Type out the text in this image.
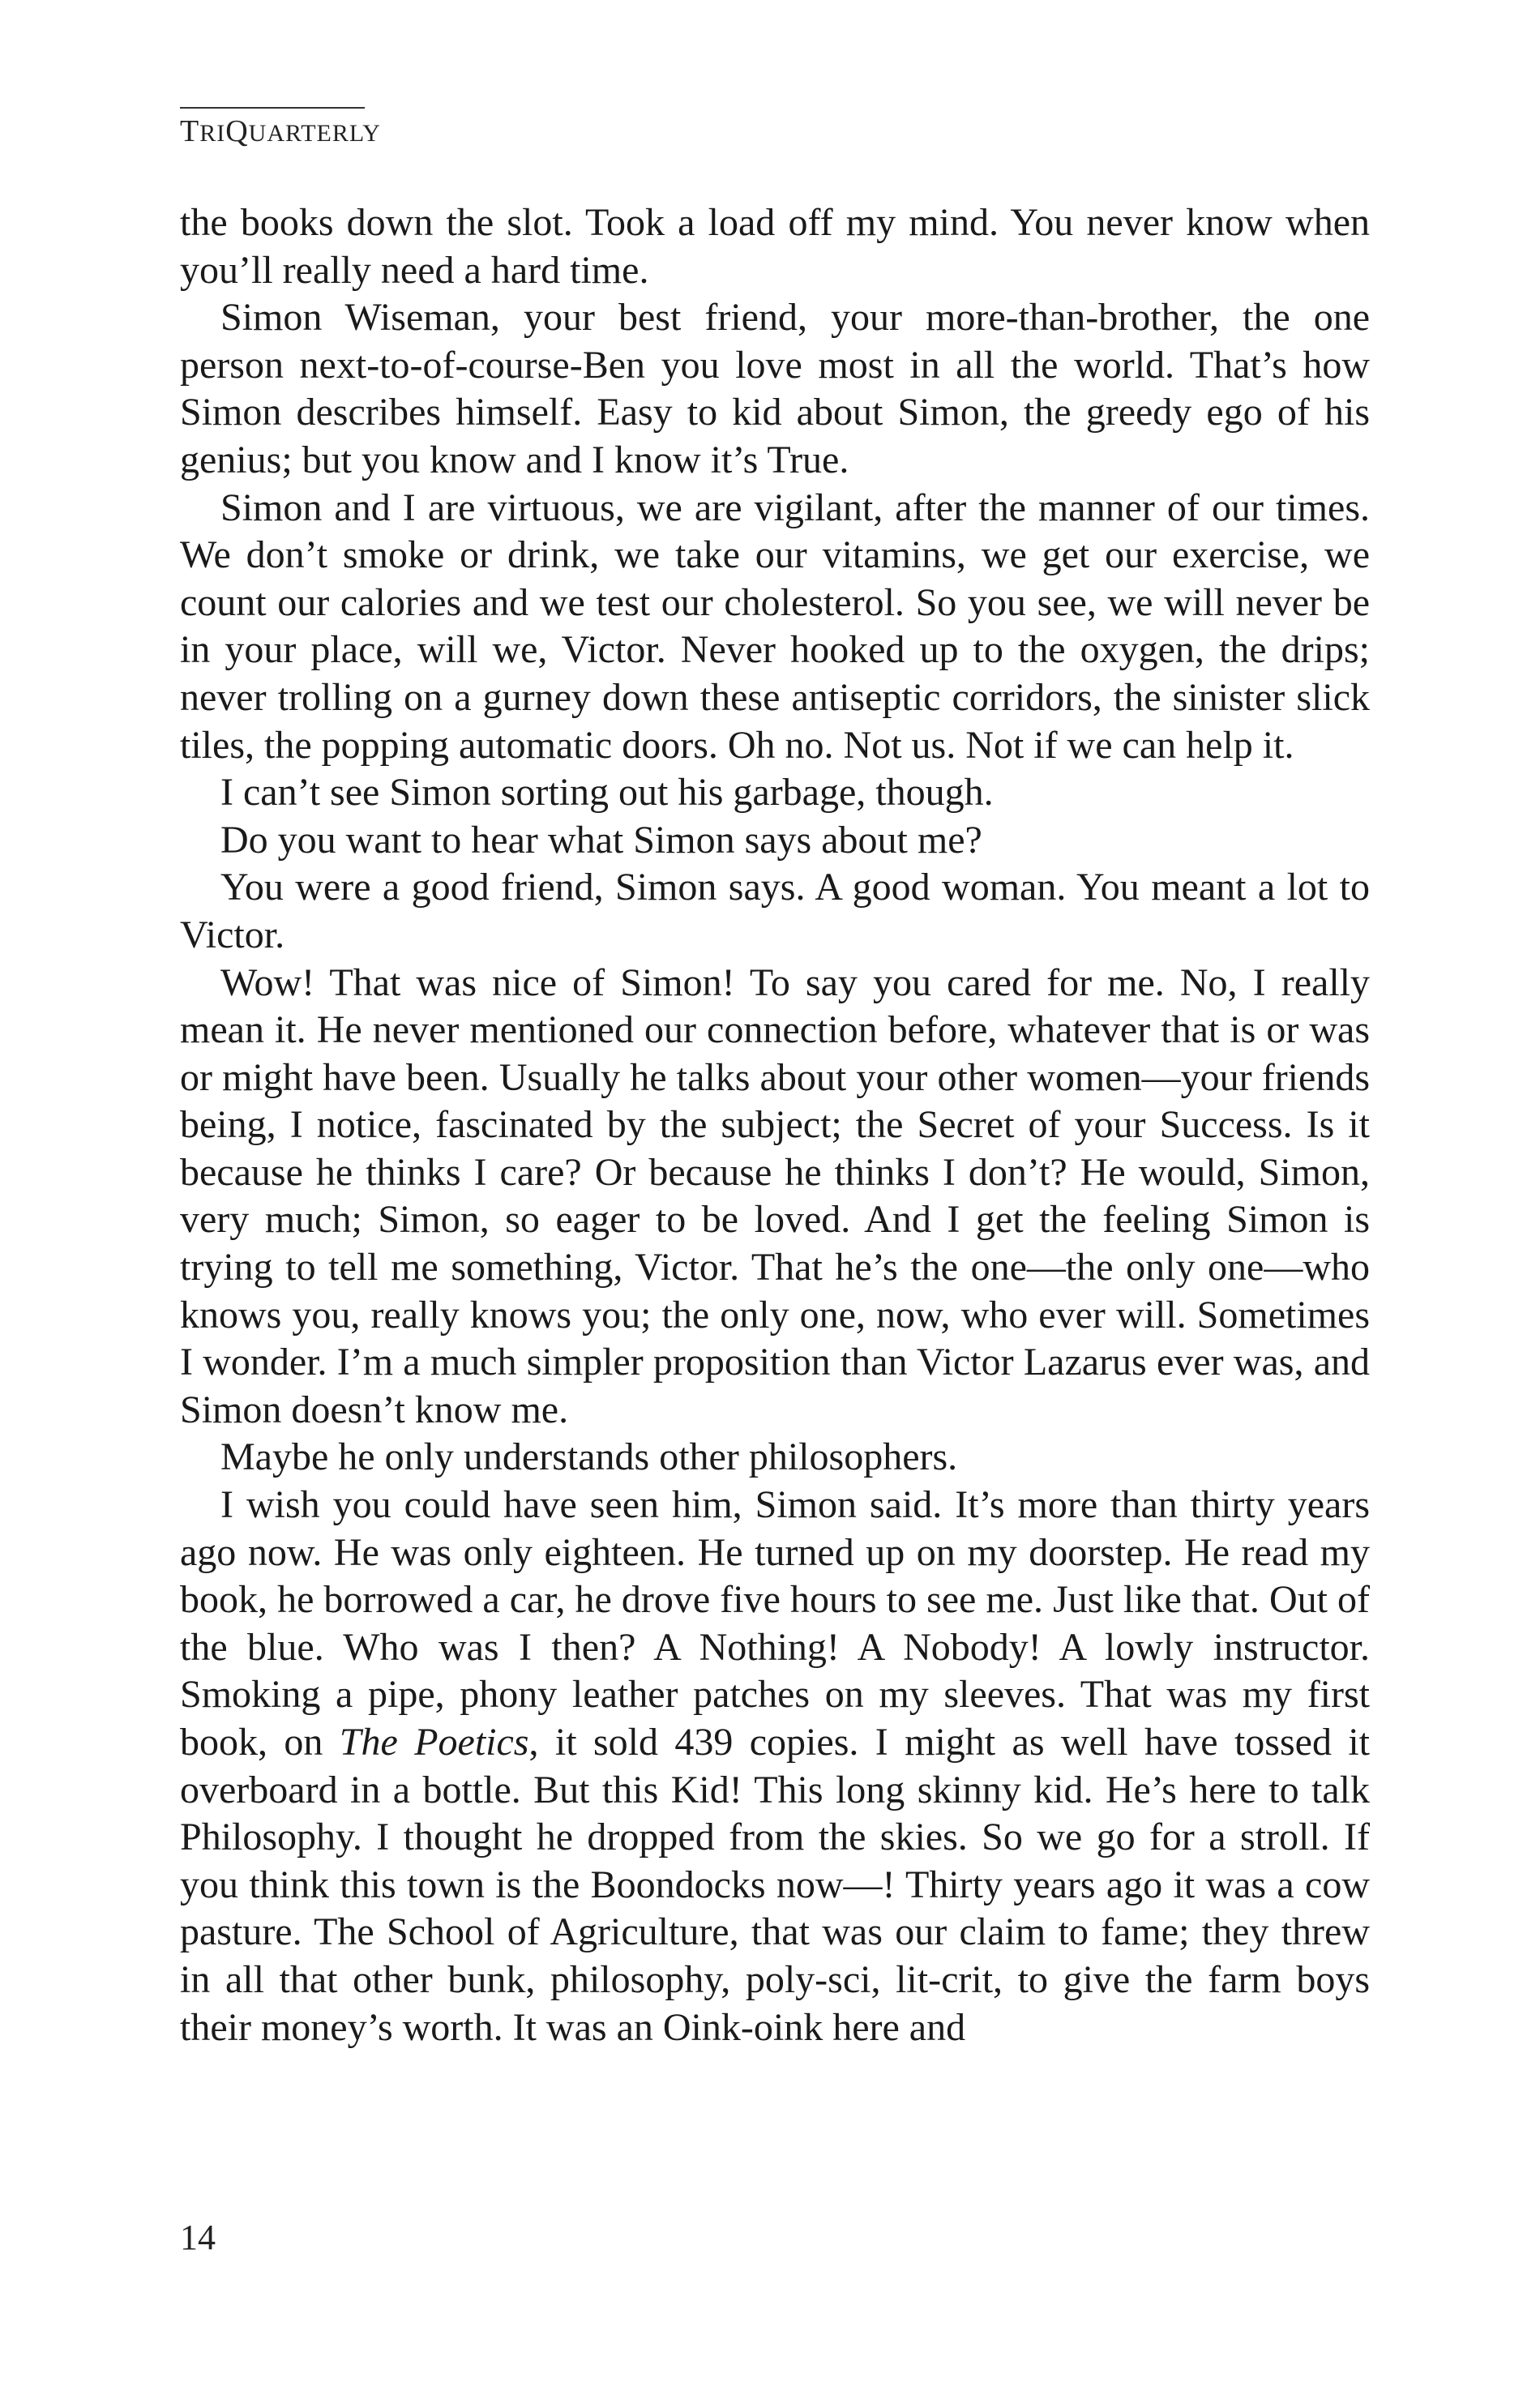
TRIQUARTERLY

the books down the slot. Took a load off my mind. You never know when you’ll really need a hard time.

Simon Wiseman, your best friend, your more-than-brother, the one person next-to-of-course-Ben you love most in all the world. That’s how Simon describes himself. Easy to kid about Simon, the greedy ego of his genius; but you know and I know it’s True.

Simon and I are virtuous, we are vigilant, after the manner of our times. We don’t smoke or drink, we take our vitamins, we get our exercise, we count our calories and we test our cholesterol. So you see, we will never be in your place, will we, Victor. Never hooked up to the oxygen, the drips; never trolling on a gurney down these antiseptic corridors, the sinister slick tiles, the popping automatic doors. Oh no. Not us. Not if we can help it.

I can’t see Simon sorting out his garbage, though.

Do you want to hear what Simon says about me?

You were a good friend, Simon says. A good woman. You meant a lot to Victor.

Wow! That was nice of Simon! To say you cared for me. No, I really mean it. He never mentioned our connection before, whatever that is or was or might have been. Usually he talks about your other women—your friends being, I notice, fascinated by the subject; the Secret of your Success. Is it because he thinks I care? Or because he thinks I don’t? He would, Simon, very much; Simon, so eager to be loved. And I get the feeling Simon is trying to tell me something, Victor. That he’s the one—the only one—who knows you, really knows you; the only one, now, who ever will. Sometimes I wonder. I’m a much simpler proposition than Victor Lazarus ever was, and Simon doesn’t know me.

Maybe he only understands other philosophers.

I wish you could have seen him, Simon said. It’s more than thirty years ago now. He was only eighteen. He turned up on my doorstep. He read my book, he borrowed a car, he drove five hours to see me. Just like that. Out of the blue. Who was I then? A Nothing! A Nobody! A lowly instructor. Smoking a pipe, phony leather patches on my sleeves. That was my first book, on The Poetics, it sold 439 copies. I might as well have tossed it overboard in a bottle. But this Kid! This long skinny kid. He’s here to talk Philosophy. I thought he dropped from the skies. So we go for a stroll. If you think this town is the Boondocks now—! Thirty years ago it was a cow pasture. The School of Agriculture, that was our claim to fame; they threw in all that other bunk, philosophy, poly-sci, lit-crit, to give the farm boys their money’s worth. It was an Oink-oink here and

14
